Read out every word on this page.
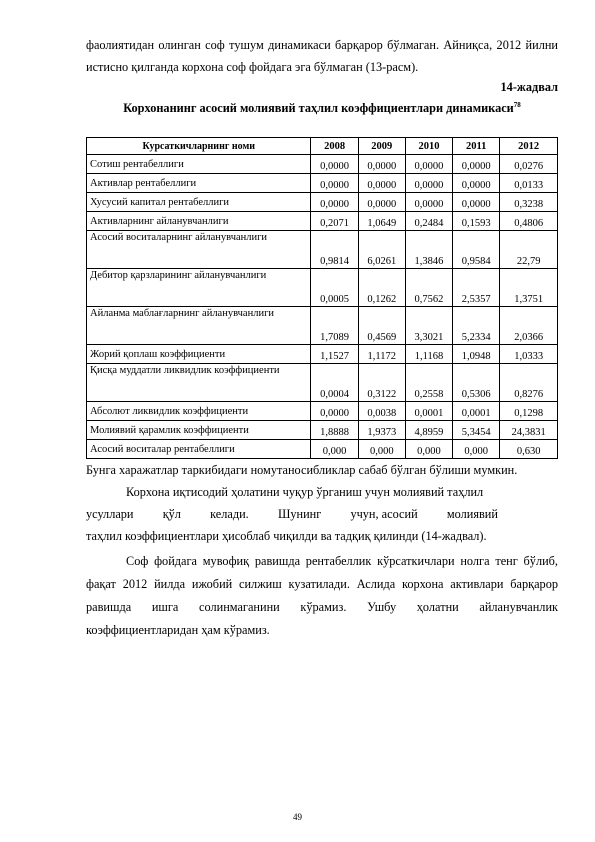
фаолиятидан олинган соф тушум динамикаси барқарор бўлмаган. Айниқса, 2012 йилни истисно қилганда корхона соф фойдага эга бўлмаган (13-расм).

14-жадвал

Корхонанинг асосий молиявий таҳлил коэффициентлари динамикаси$^{78}$

Курсаткичларнинг номи	2008	2009	2010	2011	2012
Сотиш рентабеллиги	0,0000	0,0000	0,0000	0,0000	0,0276
Активлар рентабеллиги	0,0000	0,0000	0,0000	0,0000	0,0133
Хусусий капитал рентабеллиги	0,0000	0,0000	0,0000	0,0000	0,3238
Активларнинг айланувчанлиги	0,2071	1,0649	0,2484	0,1593	0,4806
Асосий воситаларнинг айланувчанлиги	0,9814	6,0261	1,3846	0,9584	22,79
Дебитор қарзларининг айланувчанлиги	0,0005	0,1262	0,7562	2,5357	1,3751
Айланма маблағларнинг айланувчанлиги	1,7089	0,4569	3,3021	5,2334	2,0366
Жорий қоплаш коэффициенти	1,1527	1,1172	1,1168	1,0948	1,0333
Қисқа муддатли ликвидлик коэффициенти	0,0004	0,3122	0,2558	0,5306	0,8276
Абсолют ликвидлик коэффициенти	0,0000	0,0038	0,0001	0,0001	0,1298
Молиявий қарамлик коэффициенти	1,8888	1,9373	4,8959	5,3454	24,3831
Асосий воситалар рентабеллиги	0,000	0,000	0,000	0,000	0,630

Бунга харажатлар таркибидаги номутаносибликлар сабаб бўлган бўлиши мумкин.

Корхона иқтисодий ҳолатини чуқур ўрганиш учун молиявий таҳлил

усуллари қўл келади. Шунинг учун, асосий молиявий

таҳлил коэффициентлари ҳисоблаб чиқилди ва тадқиқ қилинди (14-жадвал).

Соф фойдага мувофиқ равишда рентабеллик кўрсаткичлари нолга тенг бўлиб, фақат 2012 йилда ижобий силжиш кузатилади. Аслида корхона активлари барқарор равишда ишга солинмаганини кўрамиз. Ушбу ҳолатни айланувчанлик коэффициентларидан ҳам кўрамиз.

49
